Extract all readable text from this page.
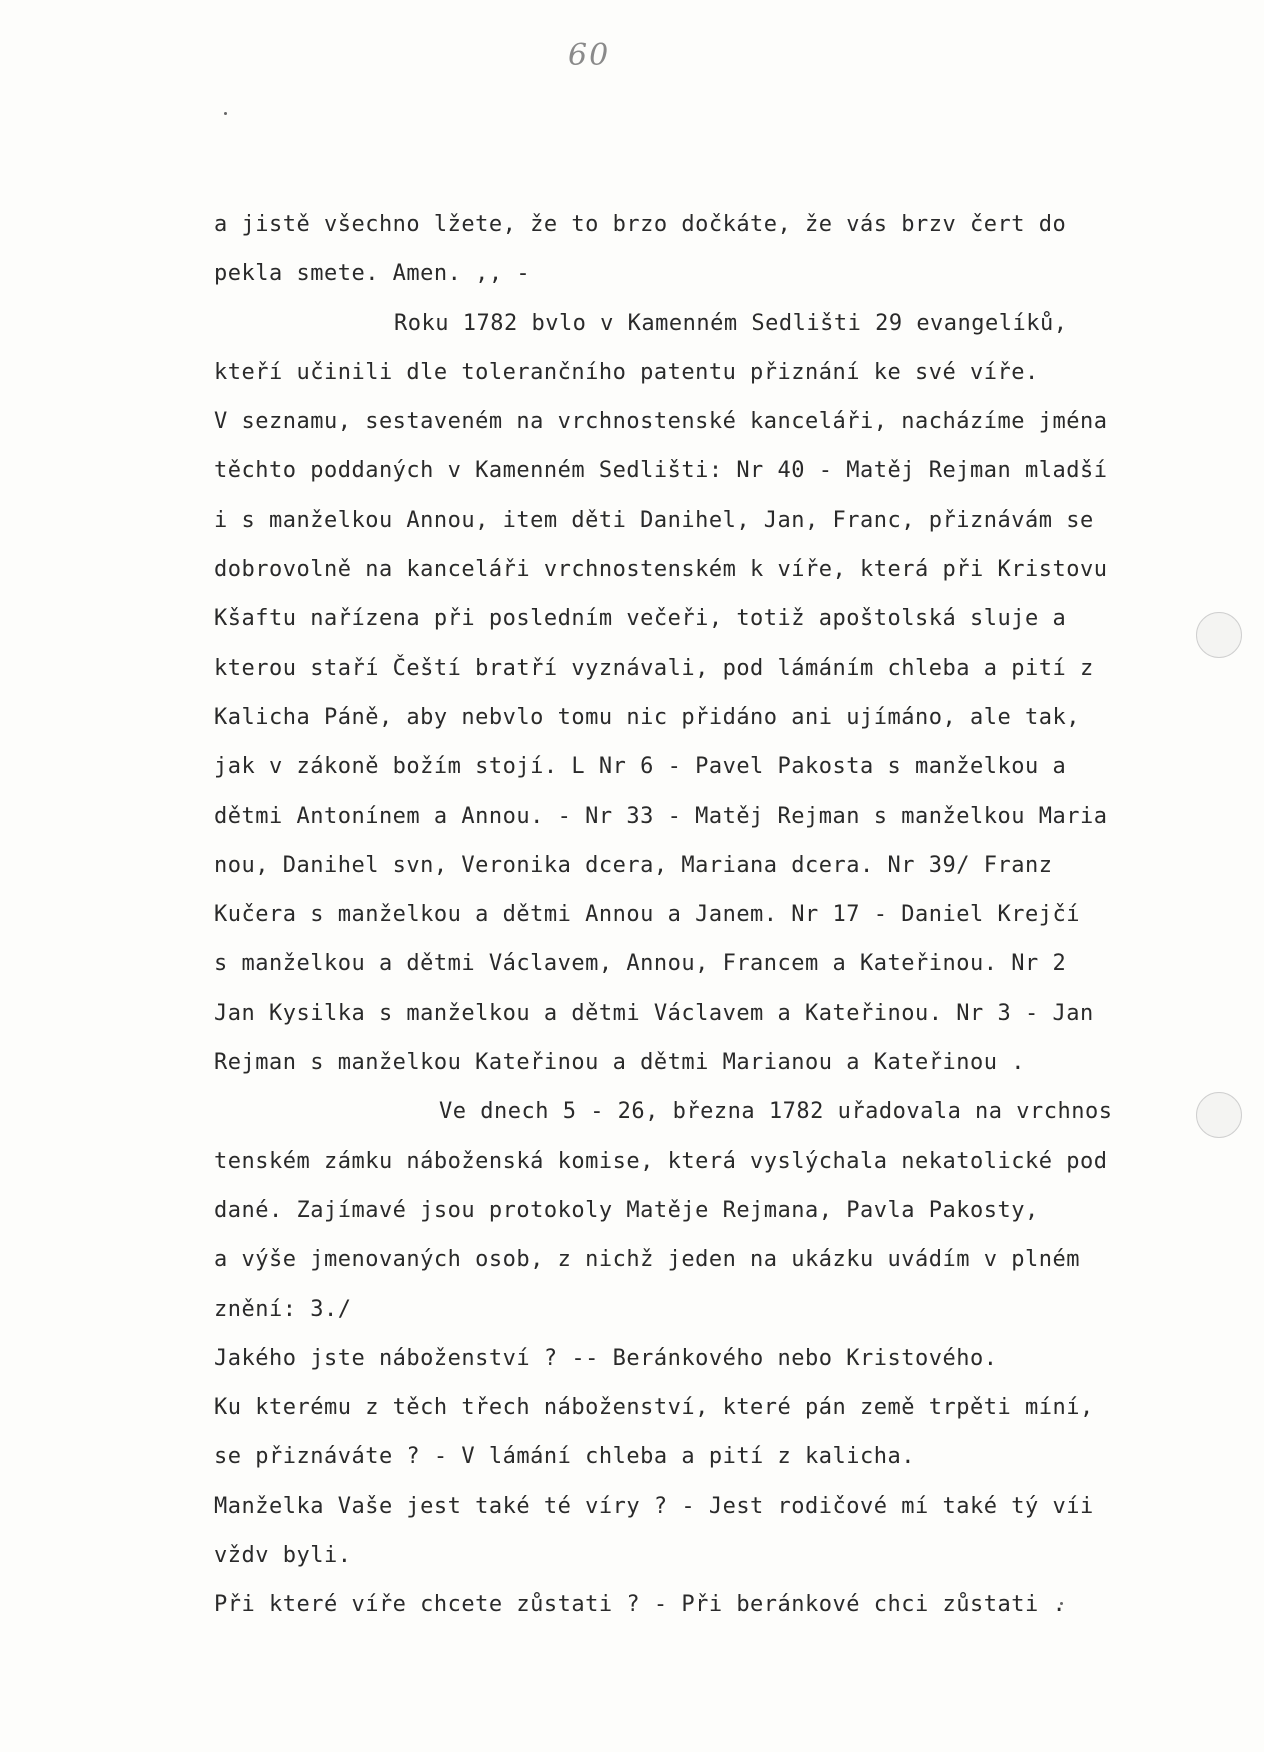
60
a jistě všechno lžete, že to brzo dočkáte, že vás brzv čert do
pekla smete. Amen. ,, -
Roku 1782 bvlo v Kamenném Sedlišti 29 evangelíků,
kteří učinili dle tolerančního patentu přiznání ke své víře.
V seznamu, sestaveném na vrchnostenské kanceláři, nacházíme jména
těchto poddaných v Kamenném Sedlišti: Nr 40 - Matěj Rejman mladší
i s manželkou Annou, item děti Danihel, Jan, Franc, přiznávám se
dobrovolně na kanceláři vrchnostenském k víře, která při Kristovu
Kšaftu nařízena při posledním večeři, totiž apoštolská sluje a
kterou staří Čeští bratří vyznávali, pod lámáním chleba a pití z
Kalicha Páně, aby nebvlo tomu nic přidáno ani ujímáno, ale tak,
jak v zákoně božím stojí. L Nr 6 - Pavel Pakosta s manželkou a
dětmi Antonínem a Annou. - Nr 33 - Matěj Rejman s manželkou Maria
nou, Danihel svn, Veronika dcera, Mariana dcera. Nr 39/ Franz
Kučera s manželkou a dětmi Annou a Janem. Nr 17 - Daniel Krejčí
s manželkou a dětmi Václavem, Annou, Francem a Kateřinou. Nr 2
Jan Kysilka s manželkou a dětmi Václavem a Kateřinou. Nr 3 - Jan
Rejman s manželkou Kateřinou a dětmi Marianou a Kateřinou .
Ve dnech 5 - 26, března 1782 uřadovala na vrchnos
tenském zámku náboženská komise, která vyslýchala nekatolické pod
dané. Zajímavé jsou protokoly Matěje Rejmana, Pavla Pakosty,
a výše jmenovaných osob, z nichž jeden na ukázku uvádím v plném
znění: 3./
Jakého jste náboženství ? -- Beránkového nebo Kristového.
Ku kterému z těch třech náboženství, které pán země trpěti míní,
se přiznáváte ? - V lámání chleba a pití z kalicha.
Manželka Vaše jest také té víry ? - Jest rodičové mí také tý víi
vždv byli.
Při které víře chcete zůstati ? - Při beránkové chci zůstati .
